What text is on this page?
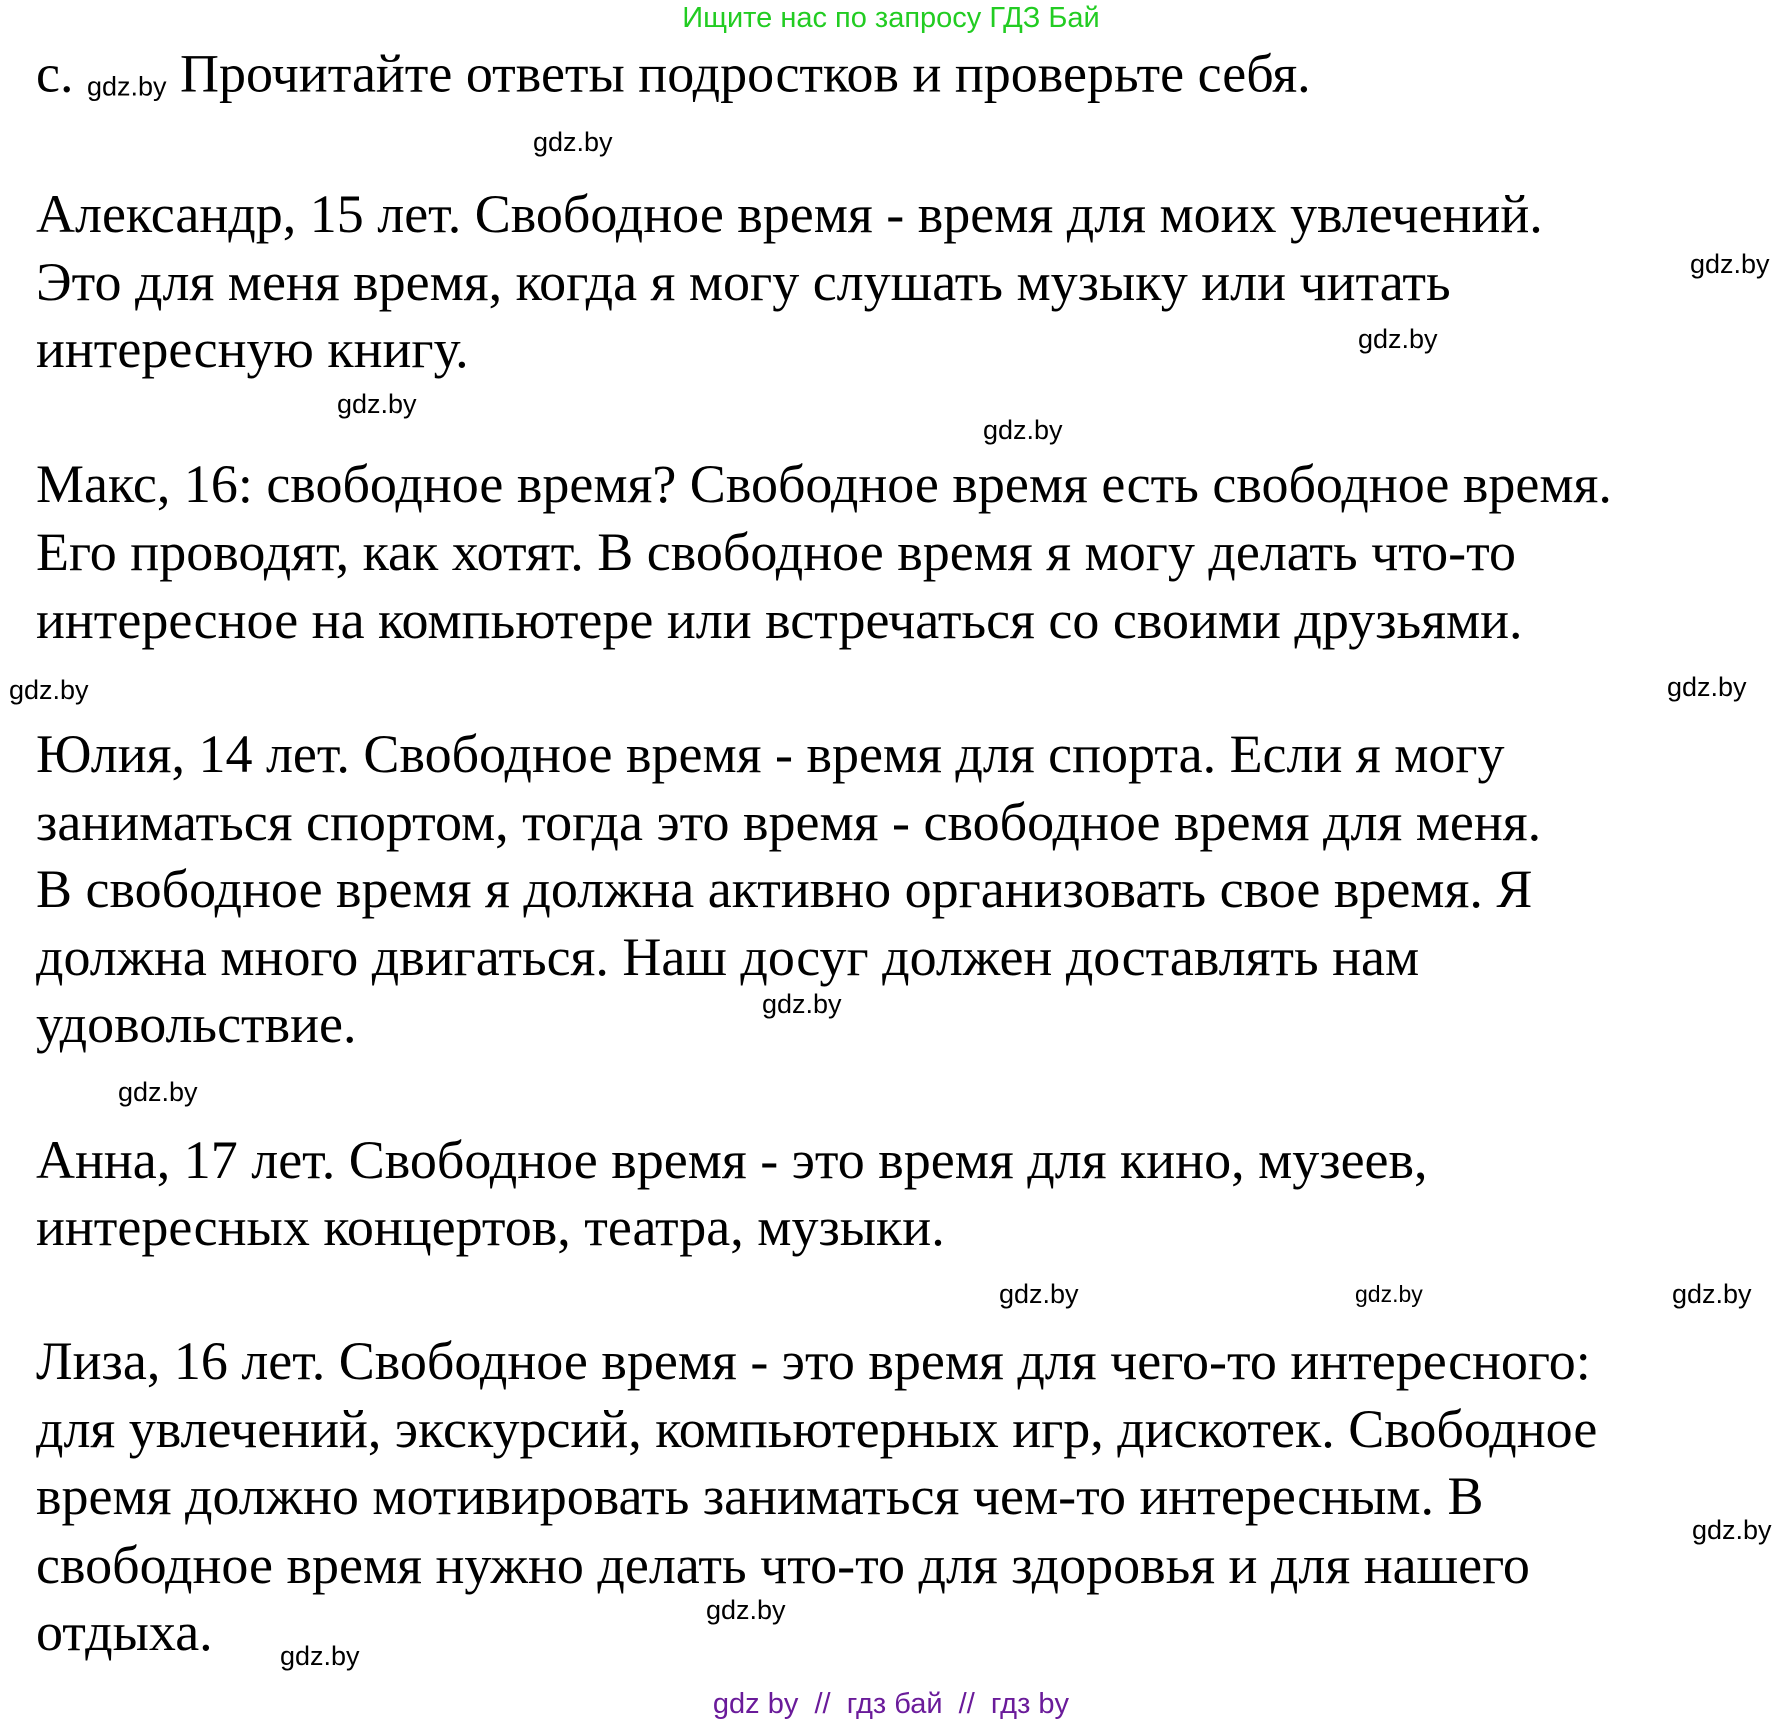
Ищите нас по запросу ГДЗ Бай
c. gdz.by Прочитайте ответы подростков и проверьте себя.
Александр, 15 лет. Свободное время - время для моих увлечений.
Это для меня время, когда я могу слушать музыку или читать
интересную книгу.
Макс, 16: свободное время? Свободное время есть свободное время.
Его проводят, как хотят. В свободное время я могу делать что-то
интересное на компьютере или встречаться со своими друзьями.
Юлия, 14 лет. Свободное время - время для спорта. Если я могу
заниматься спортом, тогда это время - свободное время для меня.
В свободное время я должна активно организовать свое время. Я
должна много двигаться. Наш досуг должен доставлять нам
удовольствие.
Анна, 17 лет. Свободное время - это время для кино, музеев,
интересных концертов, театра, музыки.
Лиза, 16 лет. Свободное время - это время для чего-то интересного:
для увлечений, экскурсий, компьютерных игр, дискотек. Свободное
время должно мотивировать заниматься чем-то интересным. В
свободное время нужно делать что-то для здоровья и для нашего
отдыха.
gdz.by
gdz.by
gdz.by
gdz.by
gdz.by
gdz.by
gdz.by
gdz.by
gdz.by
gdz.by
gdz.by	gdz.by
gdz.by
gdz.by
gdz.by
gdz by  //  гдз бай  //  гдз by
